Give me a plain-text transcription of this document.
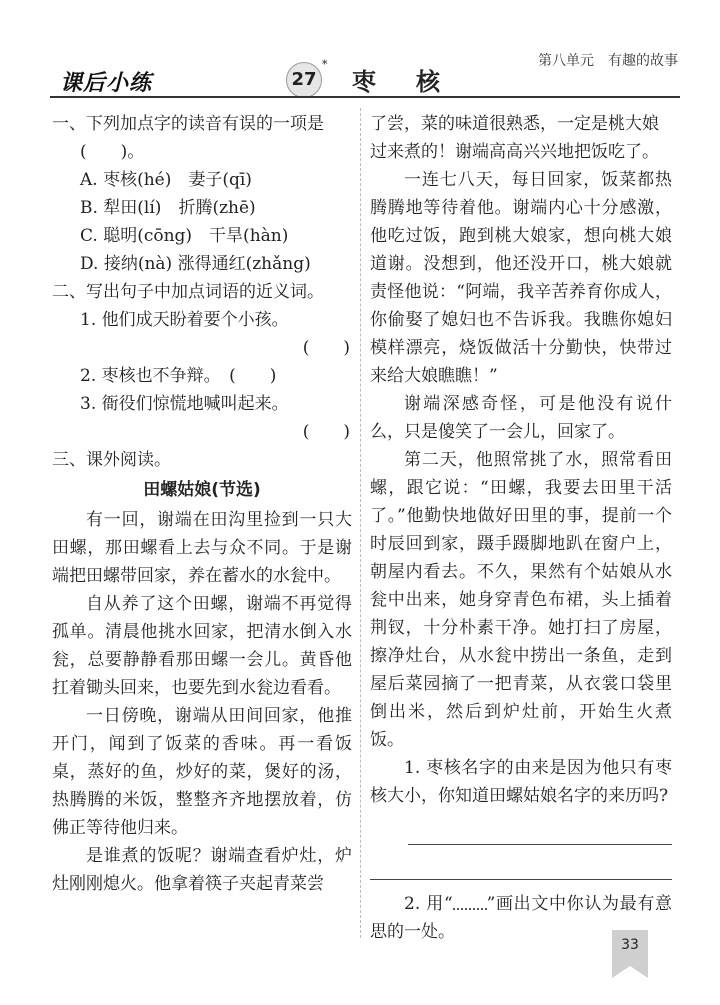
第八单元　有趣的故事
课后小练	27
*
枣核

一、下列加点字的读音有误的一项是

(　　)。

A. 枣核(hé)　妻子(qī)

B. 犁田(lí)　折腾(zhē)

C. 聪明(cōng)　干旱(hàn)

D. 接纳(nà) 涨得通红(zhǎng)

二、写出句子中加点词语的近义词。

1. 他们成天盼着要个小孩。

(　　)

2. 枣核也不争辩。　(　　)

3. 衙役们惊慌地喊叫起来。

(　　)

三、课外阅读。

田螺姑娘(节选)

有一回，谢端在田沟里捡到一只大田螺，那田螺看上去与众不同。于是谢端把田螺带回家，养在蓄水的水瓮中。

自从养了这个田螺，谢端不再觉得孤单。清晨他挑水回家，把清水倒入水瓮，总要静静看那田螺一会儿。黄昏他扛着锄头回来，也要先到水瓮边看看。

一日傍晚，谢端从田间回家，他推开门，闻到了饭菜的香味。再一看饭桌，蒸好的鱼，炒好的菜，煲好的汤，热腾腾的米饭，整整齐齐地摆放着，仿佛正等待他归来。

是谁煮的饭呢？谢端查看炉灶，炉灶刚刚熄火。他拿着筷子夹起青菜尝

了尝，菜的味道很熟悉，一定是桃大娘过来煮的！谢端高高兴兴地把饭吃了。

一连七八天，每日回家，饭菜都热腾腾地等待着他。谢端内心十分感激，他吃过饭，跑到桃大娘家，想向桃大娘道谢。没想到，他还没开口，桃大娘就责怪他说：“阿端，我辛苦养育你成人，你偷娶了媳妇也不告诉我。我瞧你媳妇模样漂亮，烧饭做活十分勤快，快带过来给大娘瞧瞧！”

谢端深感奇怪，可是他没有说什么，只是傻笑了一会儿，回家了。

第二天，他照常挑了水，照常看田螺，跟它说：“田螺，我要去田里干活了。”他勤快地做好田里的事，提前一个时辰回到家，蹑手蹑脚地趴在窗户上，朝屋内看去。不久，果然有个姑娘从水瓮中出来，她身穿青色布裙，头上插着荆钗，十分朴素干净。她打扫了房屋，擦净灶台，从水瓮中捞出一条鱼，走到屋后菜园摘了一把青菜，从衣裳口袋里倒出米，然后到炉灶前，开始生火煮饭。

1. 枣核名字的由来是因为他只有枣核大小，你知道田螺姑娘名字的来历吗?

2. 用“ ”画出文中你认为最有意思的一处。

33
